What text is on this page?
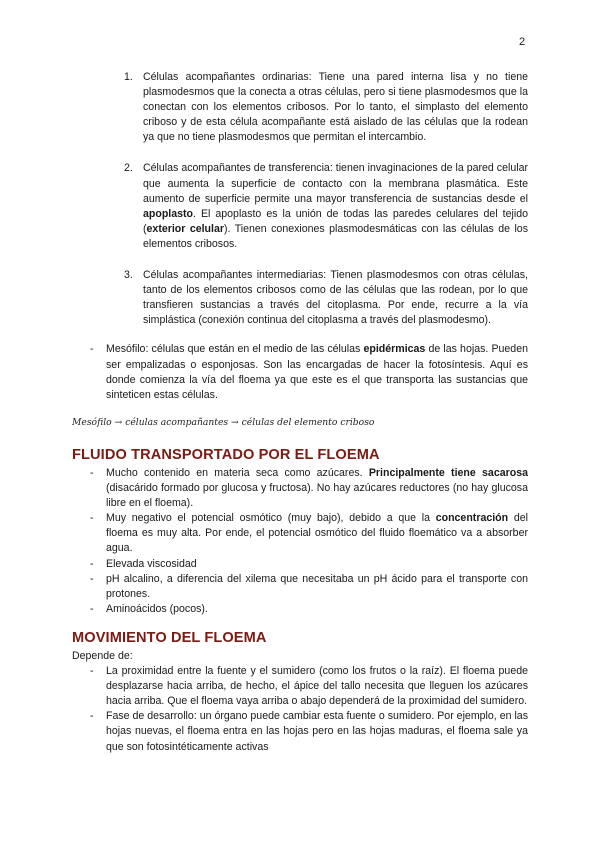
2
1. Células acompañantes ordinarias: Tiene una pared interna lisa y no tiene plasmodesmos que la conecta a otras células, pero si tiene plasmodesmos que la conectan con los elementos cribosos. Por lo tanto, el simplasto del elemento criboso y de esta célula acompañante está aislado de las células que la rodean ya que no tiene plasmodesmos que permitan el intercambio.
2. Células acompañantes de transferencia: tienen invaginaciones de la pared celular que aumenta la superficie de contacto con la membrana plasmática. Este aumento de superficie permite una mayor transferencia de sustancias desde el apoplasto. El apoplasto es la unión de todas las paredes celulares del tejido (exterior celular). Tienen conexiones plasmodesmáticas con las células de los elementos cribosos.
3. Células acompañantes intermediarias: Tienen plasmodesmos con otras células, tanto de los elementos cribosos como de las células que las rodean, por lo que transfieren sustancias a través del citoplasma. Por ende, recurre a la vía simplástica (conexión continua del citoplasma a través del plasmodesmo).
- Mesófilo: células que están en el medio de las células epidérmicas de las hojas. Pueden ser empalizadas o esponjosas. Son las encargadas de hacer la fotosíntesis. Aquí es donde comienza la vía del floema ya que este es el que transporta las sustancias que sinteticen estas células.
Mesófilo → células acompañantes → células del elemento criboso
FLUIDO TRANSPORTADO POR EL FLOEMA
- Mucho contenido en materia seca como azúcares. Principalmente tiene sacarosa (disacárido formado por glucosa y fructosa). No hay azúcares reductores (no hay glucosa libre en el floema).
- Muy negativo el potencial osmótico (muy bajo), debido a que la concentración del floema es muy alta. Por ende, el potencial osmótico del fluido floemático va a absorber agua.
- Elevada viscosidad
- pH alcalino, a diferencia del xilema que necesitaba un pH ácido para el transporte con protones.
- Aminoácidos (pocos).
MOVIMIENTO DEL FLOEMA

Depende de:

- La proximidad entre la fuente y el sumidero (como los frutos o la raíz). El floema puede desplazarse hacia arriba, de hecho, el ápice del tallo necesita que lleguen los azúcares hacia arriba. Que el floema vaya arriba o abajo dependerá de la proximidad del sumidero.
- Fase de desarrollo: un órgano puede cambiar esta fuente o sumidero. Por ejemplo, en las hojas nuevas, el floema entra en las hojas pero en las hojas maduras, el floema sale ya que son fotosintéticamente activas
